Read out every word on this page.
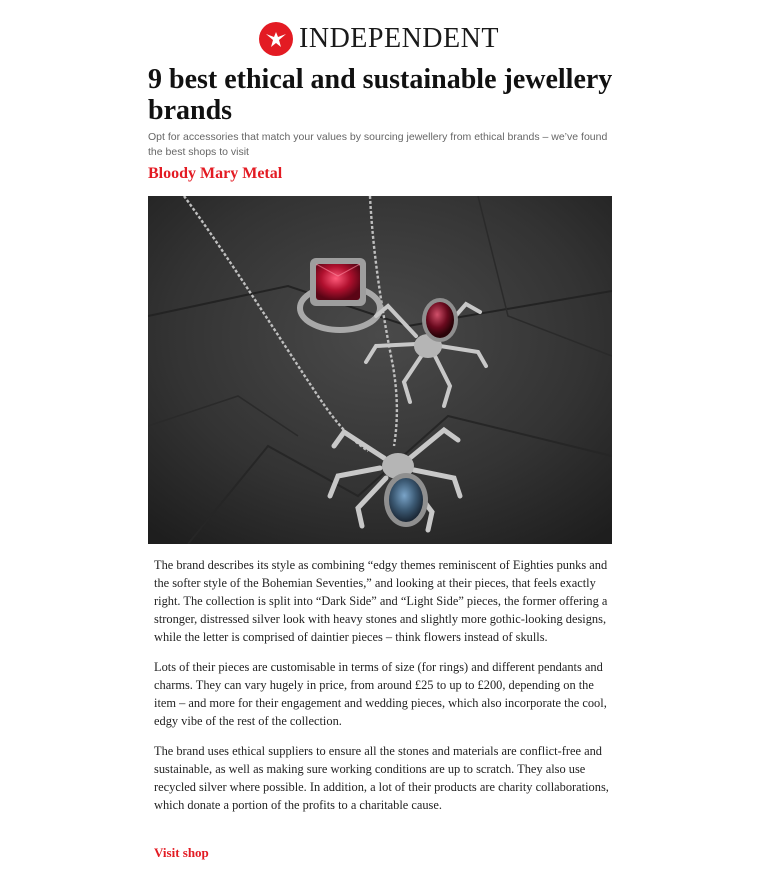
INDEPENDENT
9 best ethical and sustainable jewellery brands

Opt for accessories that match your values by sourcing jewellery from ethical brands – we’ve found the best shops to visit

Bloody Mary Metal

The brand describes its style as combining “edgy themes reminiscent of Eighties punks and the softer style of the Bohemian Seventies,” and looking at their pieces, that feels exactly right. The collection is split into “Dark Side” and “Light Side” pieces, the former offering a stronger, distressed silver look with heavy stones and slightly more gothic-looking designs, while the letter is comprised of daintier pieces – think flowers instead of skulls.

Lots of their pieces are customisable in terms of size (for rings) and different pendants and charms. They can vary hugely in price, from around £25 to up to £200, depending on the item – and more for their engagement and wedding pieces, which also incorporate the cool, edgy vibe of the rest of the collection.

The brand uses ethical suppliers to ensure all the stones and materials are conflict-free and sustainable, as well as making sure working conditions are up to scratch. They also use recycled silver where possible. In addition, a lot of their products are charity collaborations, which donate a portion of the profits to a charitable cause.

Visit shop
